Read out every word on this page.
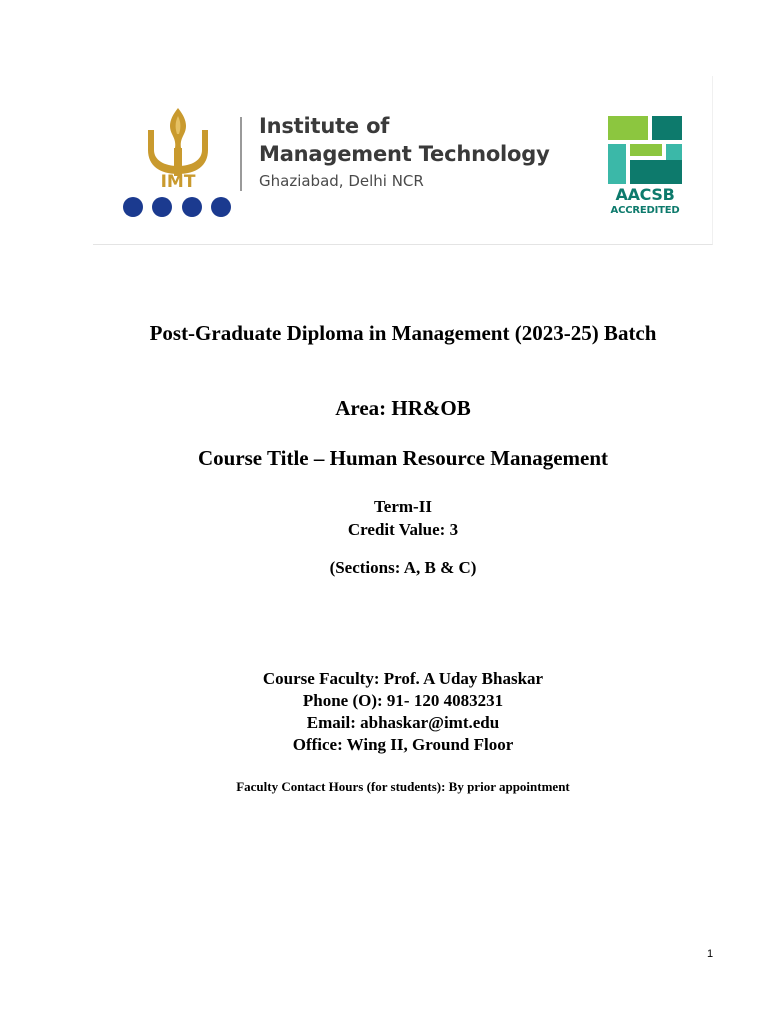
IMT
Institute of
Management Technology
Ghaziabad, Delhi NCR
AACSB
ACCREDITED
Post-Graduate Diploma in Management (2023-25) Batch
Area: HR&OB
Course Title – Human Resource Management
Term-II
Credit Value: 3
(Sections: A, B & C)
Course Faculty: Prof. A Uday Bhaskar
Phone (O): 91- 120 4083231
Email: abhaskar@imt.edu
Office: Wing II, Ground Floor
Faculty Contact Hours (for students): By prior appointment
1
